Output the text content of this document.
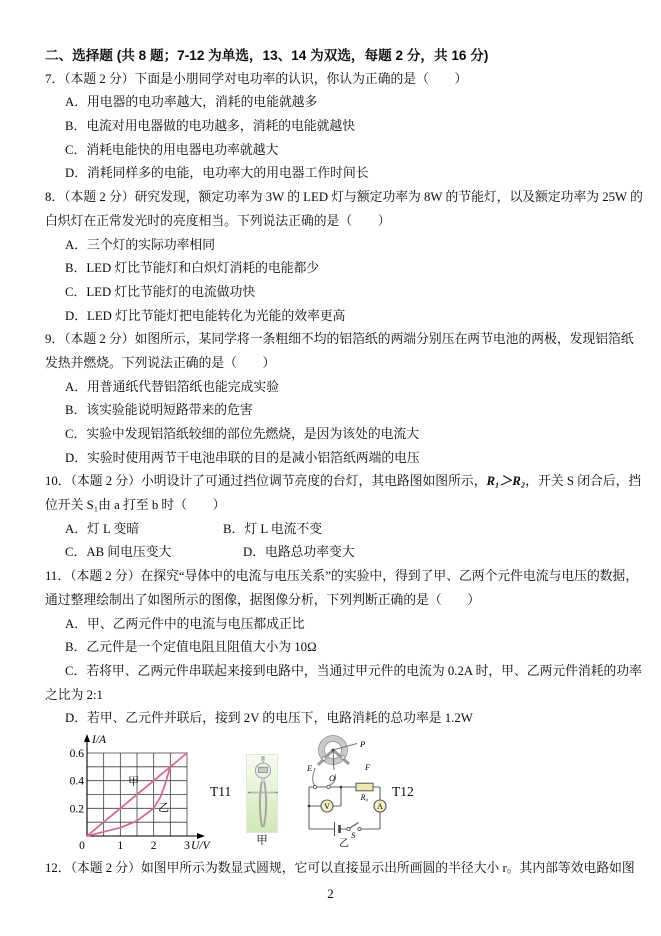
二、选择题 (共 8 题；7-12 为单选，13、14 为双选，每题 2 分，共 16 分)
7．（本题 2 分）下面是小朋同学对电功率的认识，你认为正确的是（　　）
A．用电器的电功率越大，消耗的电能就越多
B．电流对用电器做的电功越多，消耗的电能就越快
C．消耗电能快的用电器电功率就越大
D．消耗同样多的电能，电功率大的用电器工作时间长
8．（本题 2 分）研究发现，额定功率为 3W 的 LED 灯与额定功率为 8W 的节能灯，以及额定功率为 25W 的
白炽灯在正常发光时的亮度相当。下列说法正确的是（　　）
A．三个灯的实际功率相同
B．LED 灯比节能灯和白炽灯消耗的电能都少
C．LED 灯比节能灯的电流做功快
D．LED 灯比节能灯把电能转化为光能的效率更高
9．（本题 2 分）如图所示，某同学将一条粗细不均的铝箔纸的两端分别压在两节电池的两极，发现铝箔纸
发热并燃烧。下列说法正确的是（　　）
A．用普通纸代替铝箔纸也能完成实验
B．该实验能说明短路带来的危害
C．实验中发现铝箔纸较细的部位先燃烧，是因为该处的电流大
D．实验时使用两节干电池串联的目的是减小铝箔纸两端的电压
10．（本题 2 分）小明设计了可通过挡位调节亮度的台灯，其电路图如图所示，R₁＞R₂，开关 S 闭合后，挡
位开关 S₁由 a 打至 b 时（　　）
A．灯 L 变暗	B．灯 L 电流不变
C．AB 间电压变大	D．电路总功率变大
11．（本题 2 分）在探究“导体中的电流与电压关系”的实验中，得到了甲、乙两个元件电流与电压的数据，
通过整理绘制出了如图所示的图像，据图像分析，下列判断正确的是（　　）
A．甲、乙两元件中的电流与电压都成正比
B．乙元件是一个定值电阻且阻值大小为 10Ω
C．若将甲、乙两元件串联起来接到电路中，当通过甲元件的电流为 0.2A 时，甲、乙两元件消耗的功率
之比为 2:1
D．若甲、乙元件并联后，接到 2V 的电压下，电路消耗的总功率是 1.2W
0	1 2 3
0.2
0.4
0.6
I/A
U/V
甲
乙
T11
甲
E	F
O
P
R₀
V	A
S
乙
T12
12．（本题 2 分）如图甲所示为数显式圆规，它可以直接显示出所画圆的半径大小 r。其内部等效电路如图
2
